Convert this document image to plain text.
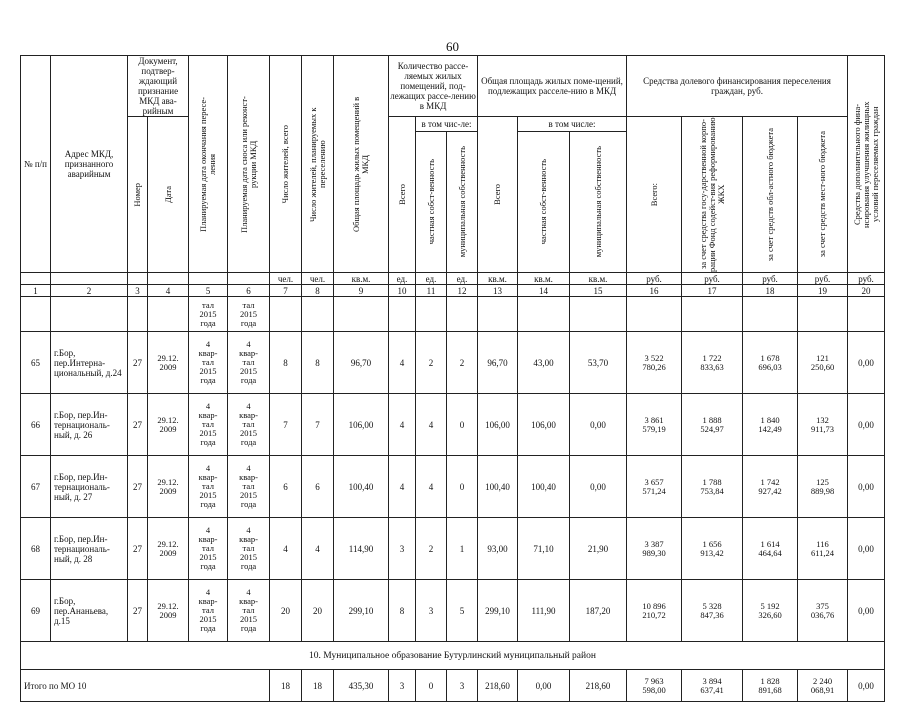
60
№ п/п	Адрес МКД, признанного аварийным	Документ, подтвер-ждающий признание МКД ава-рийным		Планируемая дата окончания пересе-ления	Планируемая дата сноса или реконст-рукции МКД	Число жителей, всего	Число жителей, планируемых к переселению	Общая площадь жилых помещений в МКД	Количество рассе-ляемых жилых помещений, под-лежащих рассе-лению в МКД			Общая площадь жилых поме-щений, подлежащих расселе-нию в МКД			Средства долевого финансирования переселения граждан, руб.				Средства дополнительного фина-нсирования улучшения жилищных условий переселяемых граждан

		Номер	Дата						Всего	в том чис-ле:		Всего	в том числе:		Всего:	за счет средства госу-дарственной корпо-рации Фонд содейст-вия реформированию ЖКХ	за счет средств обл-астного бюджета	за счет средств мест-ного бюджета	

										частная собст-венность	муниципальная собственность		частная собст-венность	муниципальная собственность					

						чел.	чел.	кв.м.	ед.	ед.	ед.	кв.м.	кв.м.	кв.м.	руб.	руб.	руб.	руб.	руб.
1	2	3	4	5	6	7	8	9	10	11	12	13	14	15	16	17	18	19	20

				тал
2015
года	тал
2015
года														

65	г.Бор, пер.Интерна-циональный, д.24	27	29.12.
2009	4
квар-
тал
2015
года	4
квар-
тал
2015
года	8	8	96,70	4	2	2	96,70	43,00	53,70	3 522
780,26	1 722
833,63	1 678
696,03	121
250,60	0,00
66	г.Бор, пер.Ин-тернациональ-ный, д. 26	27	29.12.
2009	4
квар-
тал
2015
года	4
квар-
тал
2015
года	7	7	106,00	4	4	0	106,00	106,00	0,00	3 861
579,19	1 888
524,97	1 840
142,49	132
911,73	0,00
67	г.Бор, пер.Ин-тернациональ-ный, д. 27	27	29.12.
2009	4
квар-
тал
2015
года	4
квар-
тал
2015
года	6	6	100,40	4	4	0	100,40	100,40	0,00	3 657
571,24	1 788
753,84	1 742
927,42	125
889,98	0,00
68	г.Бор, пер.Ин-тернациональ-ный, д. 28	27	29.12.
2009	4
квар-
тал
2015
года	4
квар-
тал
2015
года	4	4	114,90	3	2	1	93,00	71,10	21,90	3 387
989,30	1 656
913,42	1 614
464,64	116
611,24	0,00
69	г.Бор, пер.Ананьева, д.15	27	29.12.
2009	4
квар-
тал
2015
года	4
квар-
тал
2015
года	20	20	299,10	8	3	5	299,10	111,90	187,20	10 896
210,72	5 328
847,36	5 192
326,60	375
036,76	0,00
10. Муниципальное образование Бутурлинский муниципальный район																			
Итого по МО 10						18	18	435,30	3	0	3	218,60	0,00	218,60	7 963
598,00	3 894
637,41	1 828
891,68	2 240
068,91	0,00
